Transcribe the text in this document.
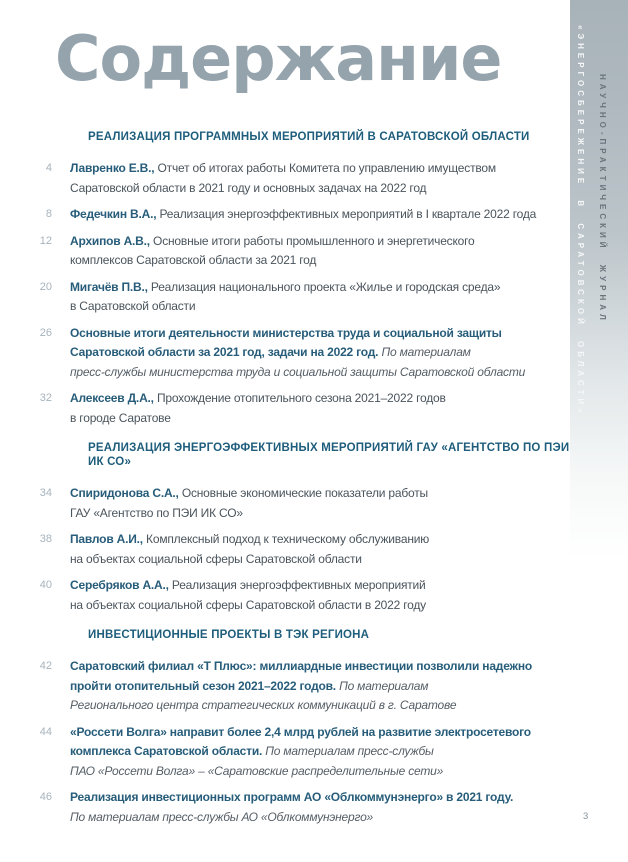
«ЭНЕРГОСБЕРЕЖЕНИЕ В САРАТОВСКОЙ ОБЛАСТИ» НАУЧНО-ПРАКТИЧЕСКИЙ ЖУРНАЛ
Содержание
РЕАЛИЗАЦИЯ ПРОГРАММНЫХ МЕРОПРИЯТИЙ В САРАТОВСКОЙ ОБЛАСТИ
4	Лавренко Е.В., Отчет об итогах работы Комитета по управлению имуществом
Саратовской области в 2021 году и основных задачах на 2022 год
8	Федечкин В.А., Реализация энергоэффективных мероприятий в I квартале 2022 года
12	Архипов А.В., Основные итоги работы промышленного и энергетического
комплексов Саратовской области за 2021 год
20	Мигачёв П.В., Реализация национального проекта «Жилье и городская среда»
в Саратовской области
26	Основные итоги деятельности министерства труда и социальной защиты
Саратовской области за 2021 год, задачи на 2022 год. По материалам
пресс-службы министерства труда и социальной защиты Саратовской области
32	Алексеев Д.А., Прохождение отопительного сезона 2021–2022 годов
в городе Саратове
РЕАЛИЗАЦИЯ ЭНЕРГОЭФФЕКТИВНЫХ МЕРОПРИЯТИЙ ГАУ «АГЕНТСТВО ПО ПЭИ ИК СО»
34	Спиридонова С.А., Основные экономические показатели работы
ГАУ «Агентство по ПЭИ ИК СО»
38	Павлов А.И., Комплексный подход к техническому обслуживанию
на объектах социальной сферы Саратовской области
40	Серебряков А.А., Реализация энергоэффективных мероприятий
на объектах социальной сферы Саратовской области в 2022 году
ИНВЕСТИЦИОННЫЕ ПРОЕКТЫ В ТЭК РЕГИОНА
42	Саратовский филиал «Т Плюс»: миллиардные инвестиции позволили надежно
пройти отопительный сезон 2021–2022 годов. По материалам
Регионального центра стратегических коммуникаций в г. Саратове
44	«Россети Волга» направит более 2,4 млрд рублей на развитие электросетевого
комплекса Саратовской области. По материалам пресс-службы
ПАО «Россети Волга» – «Саратовские распределительные сети»
46	Реализация инвестиционных программ АО «Облкоммунэнерго» в 2021 году.
По материалам пресс-службы АО «Облкоммунэнерго»	3
